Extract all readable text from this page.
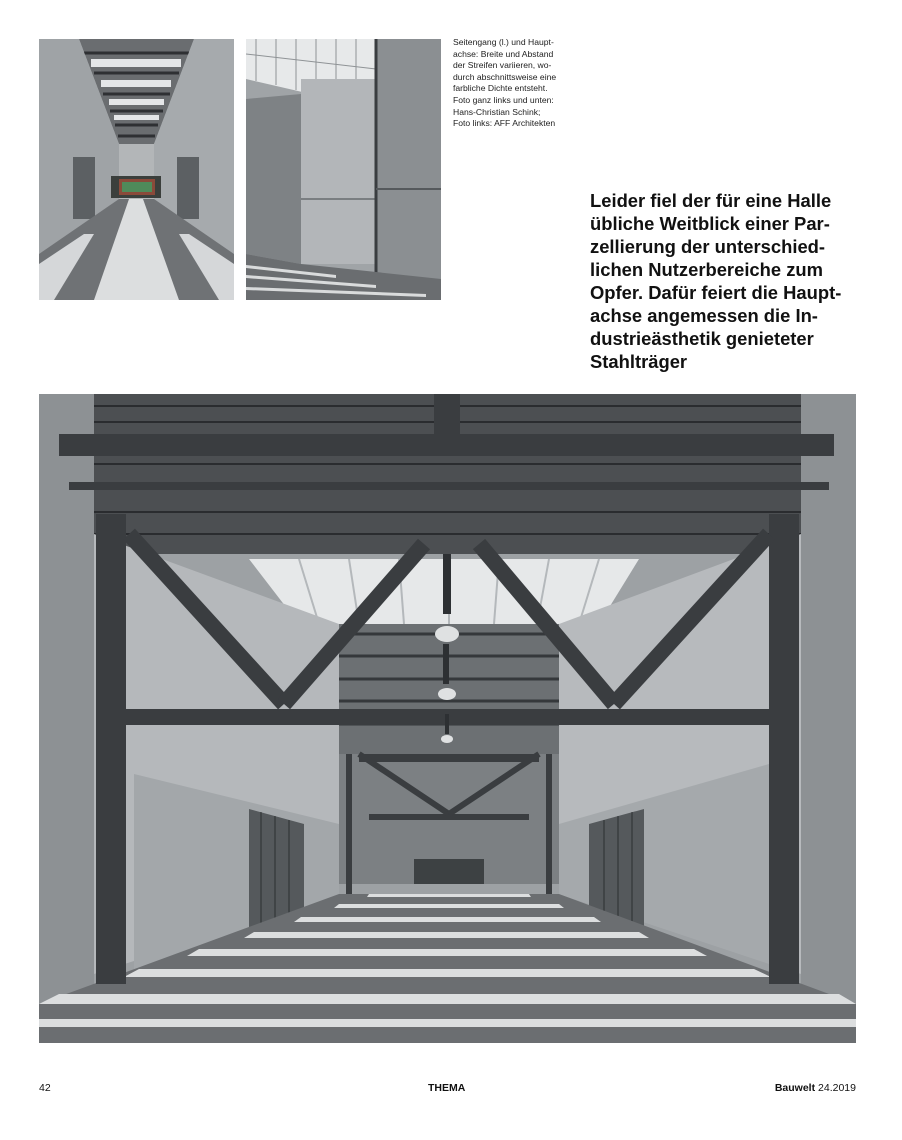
Seitengang (l.) und Haupt-
achse: Breite und Abstand
der Streifen variieren, wo-
durch abschnittsweise eine
farbliche Dichte entsteht.
Foto ganz links und unten:
Hans-Christian Schink;
Foto links: AFF Architekten
Leider fiel der für eine Halle
übliche Weitblick einer Par-
zellierung der unterschied-
lichen Nutzerbereiche zum
Opfer. Dafür feiert die Haupt-
achse angemessen die In-
dustrieästhetik genieteter
Stahlträger
42	THEMA	Bauwelt 24.2019
